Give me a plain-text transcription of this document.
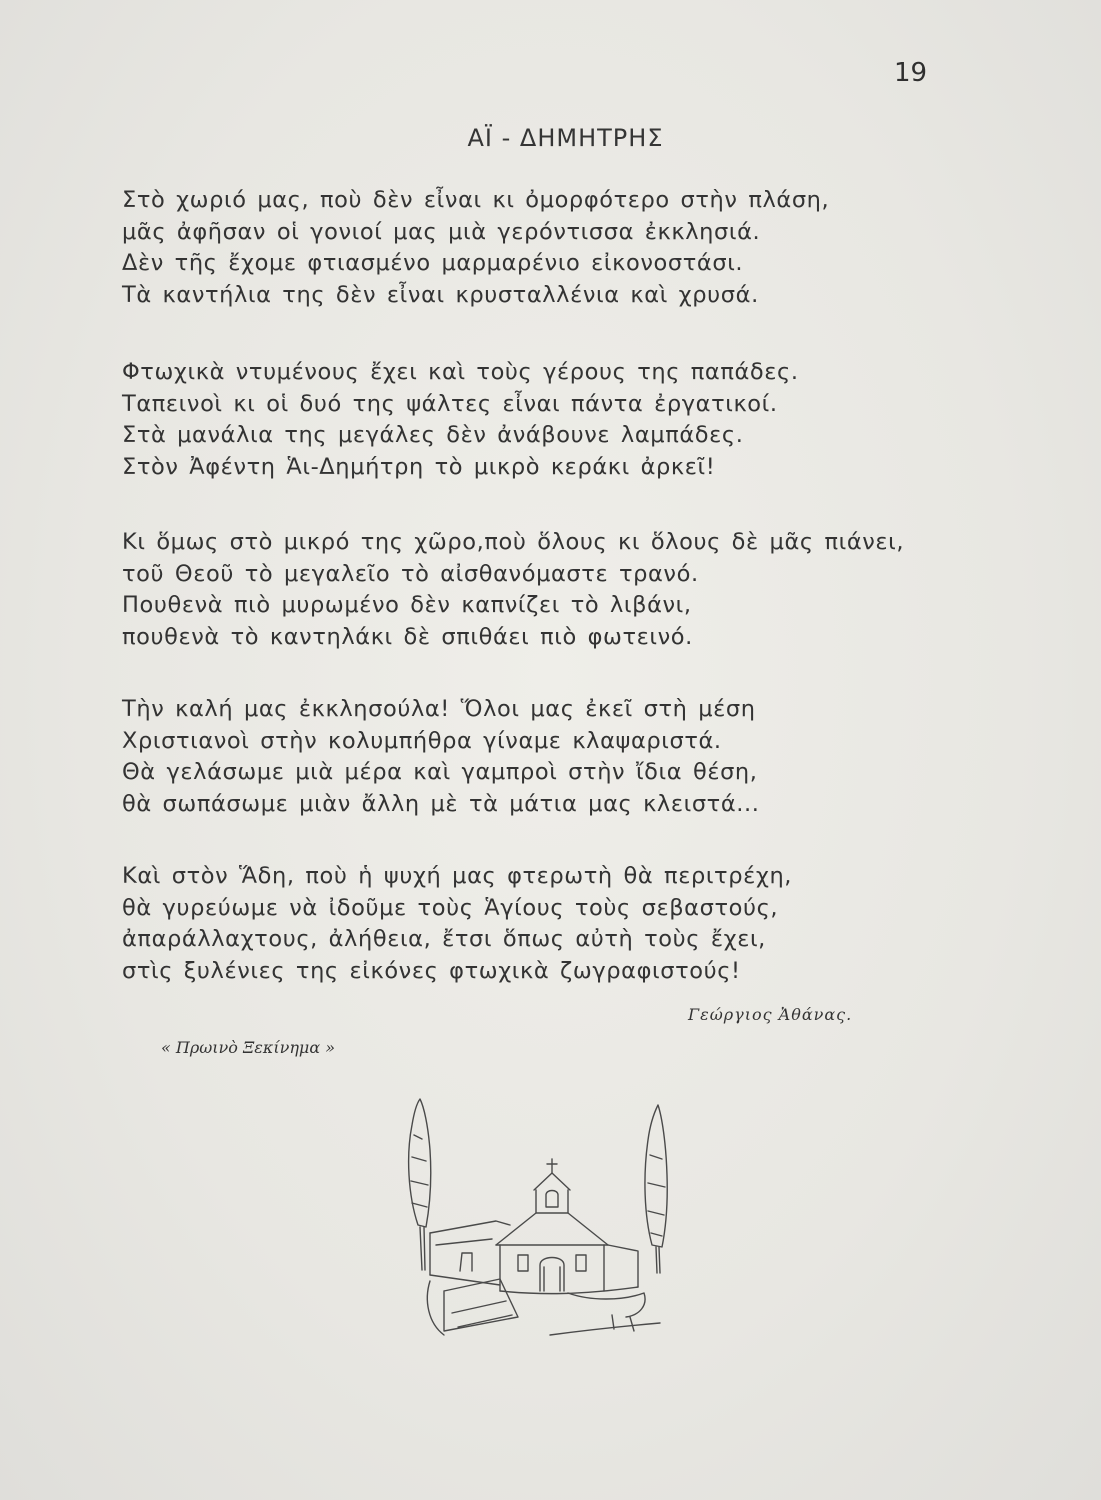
19
ΑΪ - ΔΗΜΗΤΡΗΣ
Στὸ χωριό μας, ποὺ δὲν εἶναι κι ὀμορφότερο στὴν πλάση,
μᾶς ἀφῆσαν οἱ γονιοί μας μιὰ γερόντισσα ἐκκλησιά.
Δὲν τῆς ἔχομε φτιασμένο μαρμαρένιο εἰκονοστάσι.
Τὰ καντήλια της δὲν εἶναι κρυσταλλένια καὶ χρυσά.
Φτωχικὰ ντυμένους ἔχει καὶ τοὺς γέρους της παπάδες.
Ταπεινοὶ κι οἱ δυό της ψάλτες εἶναι πάντα ἐργατικοί.
Στὰ μανάλια της μεγάλες δὲν ἀνάβουνε λαμπάδες.
Στὸν Ἀφέντη Ἁι-Δημήτρη τὸ μικρὸ κεράκι ἀρκεῖ!
Κι ὅμως στὸ μικρό της χῶρο,ποὺ ὅλους κι ὅλους δὲ μᾶς πιάνει,
τοῦ Θεοῦ τὸ μεγαλεῖο τὸ αἰσθανόμαστε τρανό.
Πουθενὰ πιὸ μυρωμένο δὲν καπνίζει τὸ λιβάνι,
πουθενὰ τὸ καντηλάκι δὲ σπιθάει πιὸ φωτεινό.
Τὴν καλή μας ἐκκλησούλα! Ὅλοι μας ἐκεῖ στὴ μέση
Χριστιανοὶ στὴν κολυμπήθρα γίναμε κλαψαριστά.
Θὰ γελάσωμε μιὰ μέρα καὶ γαμπροὶ στὴν ἴδια θέση,
θὰ σωπάσωμε μιὰν ἄλλη μὲ τὰ μάτια μας κλειστά...
Καὶ στὸν Ἅδη, ποὺ ἡ ψυχή μας φτερωτὴ θὰ περιτρέχη,
θὰ γυρεύωμε νὰ ἰδοῦμε τοὺς Ἁγίους τοὺς σεβαστούς,
ἀπαράλλαχτους, ἀλήθεια, ἔτσι ὅπως αὐτὴ τοὺς ἔχει,
στὶς ξυλένιες της εἰκόνες φτωχικὰ ζωγραφιστούς!
Γεώργιος Ἀθάνας.
« Πρωινὸ Ξεκίνημα »
